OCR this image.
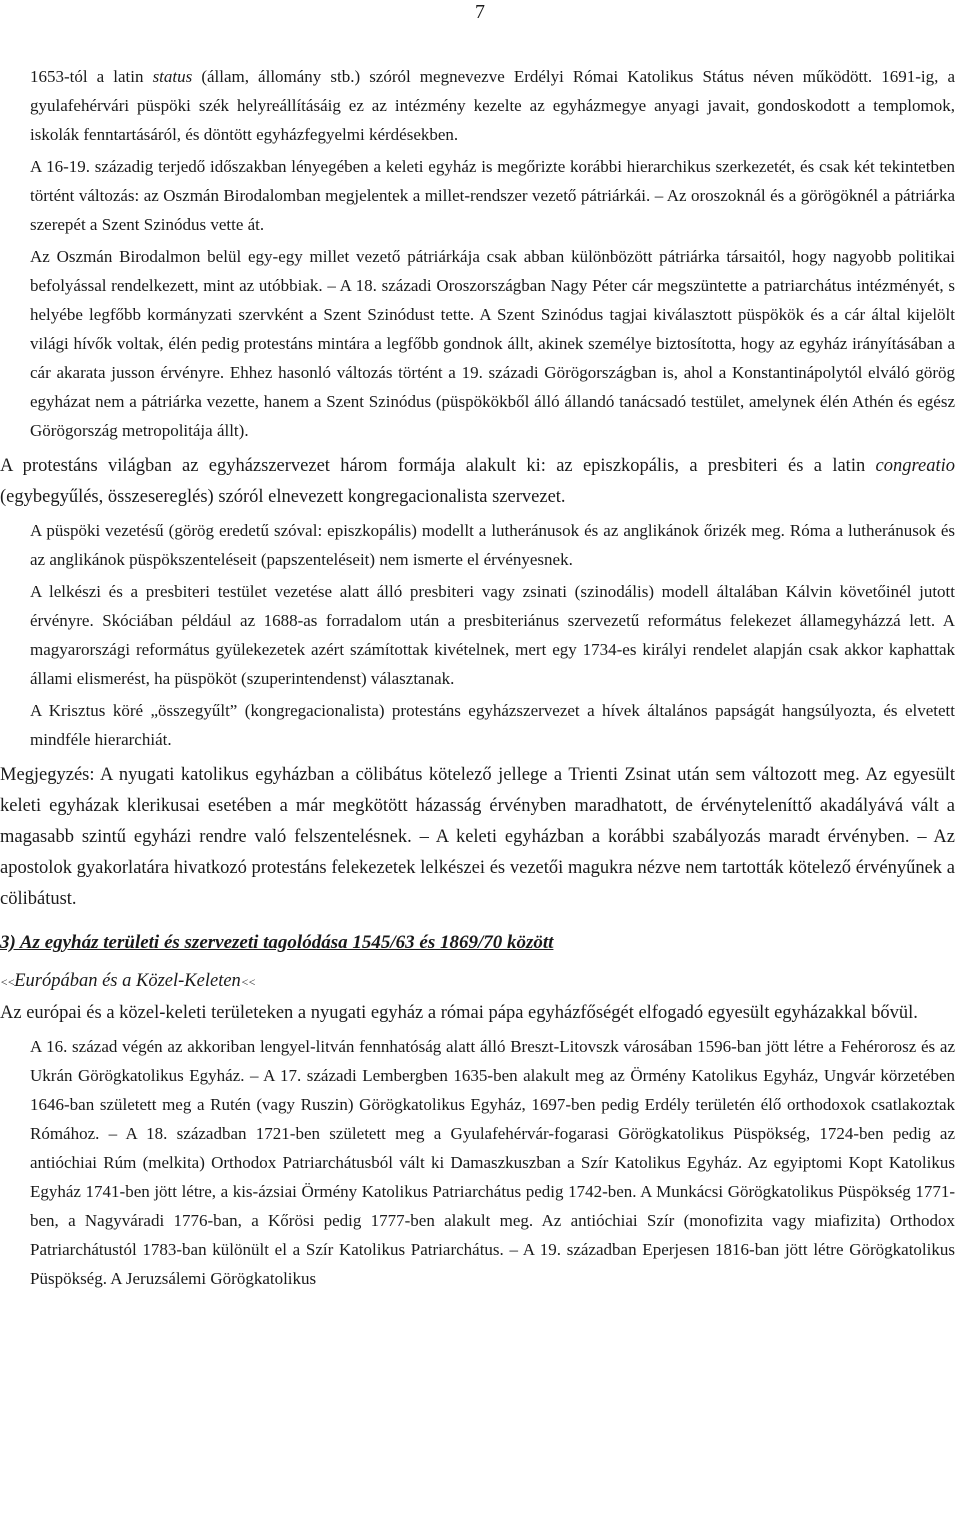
7

1653-tól a latin status (állam, állomány stb.) szóról megnevezve Erdélyi Római Katolikus Státus néven működött. 1691-ig, a gyulafehérvári püspöki szék helyreállításáig ez az intézmény kezelte az egyházmegye anyagi javait, gondoskodott a templomok, iskolák fenntartásáról, és döntött egyházfegyelmi kérdésekben.

A 16-19. századig terjedő időszakban lényegében a keleti egyház is megőrizte korábbi hierarchikus szerkezetét, és csak két tekintetben történt változás: az Oszmán Birodalomban megjelentek a millet-rendszer vezető pátriárkái. – Az oroszoknál és a görögöknél a pátriárka szerepét a Szent Szinódus vette át.

Az Oszmán Birodalmon belül egy-egy millet vezető pátriárkája csak abban különbözött pátriárka társaitól, hogy nagyobb politikai befolyással rendelkezett, mint az utóbbiak. – A 18. századi Oroszországban Nagy Péter cár megszüntette a patriarchátus intézményét, s helyébe legfőbb kormányzati szervként a Szent Szinódust tette. A Szent Szinódus tagjai kiválasztott püspökök és a cár által kijelölt világi hívők voltak, élén pedig protestáns mintára a legfőbb gondnok állt, akinek személye biztosította, hogy az egyház irányításában a cár akarata jusson érvényre. Ehhez hasonló változás történt a 19. századi Görögországban is, ahol a Konstantinápolytól elváló görög egyházat nem a pátriárka vezette, hanem a Szent Szinódus (püspökökből álló állandó tanácsadó testület, amelynek élén Athén és egész Görögország metropolitája állt).

A protestáns világban az egyházszervezet három formája alakult ki: az episzkopális, a presbiteri és a latin congreatio (egybegyűlés, összesereglés) szóról elnevezett kongregacionalista szervezet.

A püspöki vezetésű (görög eredetű szóval: episzkopális) modellt a lutheránusok és az anglikánok őrizék meg. Róma a lutheránusok és az anglikánok püspökszenteléseit (papszenteléseit) nem ismerte el érvényesnek.

A lelkészi és a presbiteri testület vezetése alatt álló presbiteri vagy zsinati (szinodális) modell általában Kálvin követőinél jutott érvényre. Skóciában például az 1688-as forradalom után a presbiteriánus szervezetű református felekezet államegyházzá lett. A magyarországi református gyülekezetek azért számítottak kivételnek, mert egy 1734-es királyi rendelet alapján csak akkor kaphattak állami elismerést, ha püspököt (szuperintendenst) választanak.

A Krisztus köré „összegyűlt” (kongregacionalista) protestáns egyházszervezet a hívek általános papságát hangsúlyozta, és elvetett mindféle hierarchiát.

Megjegyzés: A nyugati katolikus egyházban a cölibátus kötelező jellege a Trienti Zsinat után sem változott meg. Az egyesült keleti egyházak klerikusai esetében a már megkötött házasság érvényben maradhatott, de érvényteleníttő akadályává vált a magasabb szintű egyházi rendre való felszentelésnek. – A keleti egyházban a korábbi szabályozás maradt érvényben. – Az apostolok gyakorlatára hivatkozó protestáns felekezetek lelkészei és vezetői magukra nézve nem tartották kötelező érvényűnek a cölibátust.

3) Az egyház területi és szervezeti tagolódása 1545/63 és 1869/70 között
<<Európában és a Közel-Keleten<<

Az európai és a közel-keleti területeken a nyugati egyház a római pápa egyházfőségét elfogadó egyesült egyházakkal bővül.

A 16. század végén az akkoriban lengyel-litván fennhatóság alatt álló Breszt-Litovszk városában 1596-ban jött létre a Fehérorosz és az Ukrán Görögkatolikus Egyház. – A 17. századi Lembergben 1635-ben alakult meg az Örmény Katolikus Egyház, Ungvár körzetében 1646-ban született meg a Rutén (vagy Ruszin) Görögkatolikus Egyház, 1697-ben pedig Erdély területén élő orthodoxok csatlakoztak Rómához. – A 18. században 1721-ben született meg a Gyulafehérvár-fogarasi Görögkatolikus Püspökség, 1724-ben pedig az antióchiai Rúm (melkita) Orthodox Patriarchátusból vált ki Damaszkuszban a Szír Katolikus Egyház. Az egyiptomi Kopt Katolikus Egyház 1741-ben jött létre, a kis-ázsiai Örmény Katolikus Patriarchátus pedig 1742-ben. A Munkácsi Görögkatolikus Püspökség 1771-ben, a Nagyváradi 1776-ban, a Kőrösi pedig 1777-ben alakult meg. Az antióchiai Szír (monofizita vagy miafizita) Orthodox Patriarchátustól 1783-ban különült el a Szír Katolikus Patriarchátus. – A 19. században Eperjesen 1816-ban jött létre Görögkatolikus Püspökség. A Jeruzsálemi Görögkatolikus
